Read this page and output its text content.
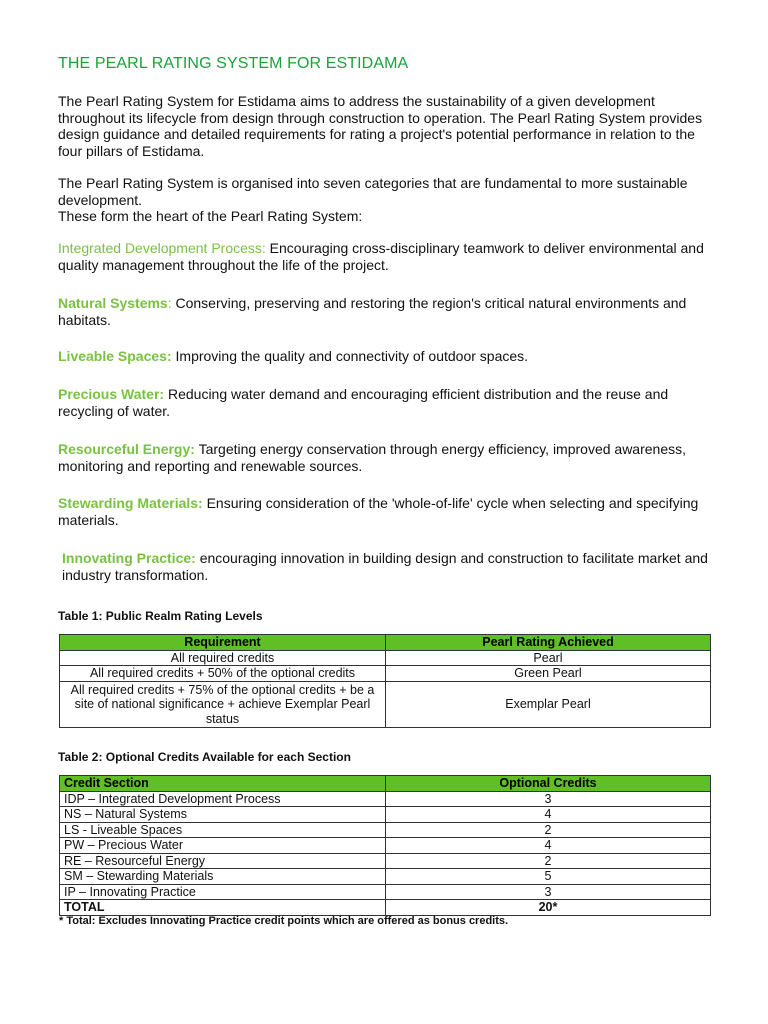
THE PEARL RATING SYSTEM FOR ESTIDAMA
The Pearl Rating System for Estidama aims to address the sustainability of a given development throughout its lifecycle from design through construction to operation. The Pearl Rating System provides design guidance and detailed requirements for rating a project's potential performance in relation to the four pillars of Estidama.
The Pearl Rating System is organised into seven categories that are fundamental to more sustainable development.
These form the heart of the Pearl Rating System:
Integrated Development Process: Encouraging cross-disciplinary teamwork to deliver environmental and quality management throughout the life of the project.
Natural Systems: Conserving, preserving and restoring the region's critical natural environments and habitats.
Liveable Spaces: Improving the quality and connectivity of outdoor spaces.
Precious Water: Reducing water demand and encouraging efficient distribution and the reuse and recycling of water.
Resourceful Energy: Targeting energy conservation through energy efficiency, improved awareness, monitoring and reporting and renewable sources.
Stewarding Materials: Ensuring consideration of the 'whole-of-life' cycle when selecting and specifying materials.
Innovating Practice: encouraging innovation in building design and construction to facilitate market and industry transformation.
Table 1: Public Realm Rating Levels
Requirement	Pearl Rating Achieved
All required credits	Pearl
All required credits + 50% of the optional credits	Green Pearl
All required credits + 75% of the optional credits + be a site of national significance + achieve Exemplar Pearl status	Exemplar Pearl
Table 2: Optional Credits Available for each Section
Credit Section	Optional Credits
IDP – Integrated Development Process	3
NS – Natural Systems	4
LS - Liveable Spaces	2
PW – Precious Water	4
RE – Resourceful Energy	2
SM – Stewarding Materials	5
IP – Innovating Practice	3
TOTAL	20*
* Total: Excludes Innovating Practice credit points which are offered as bonus credits.
